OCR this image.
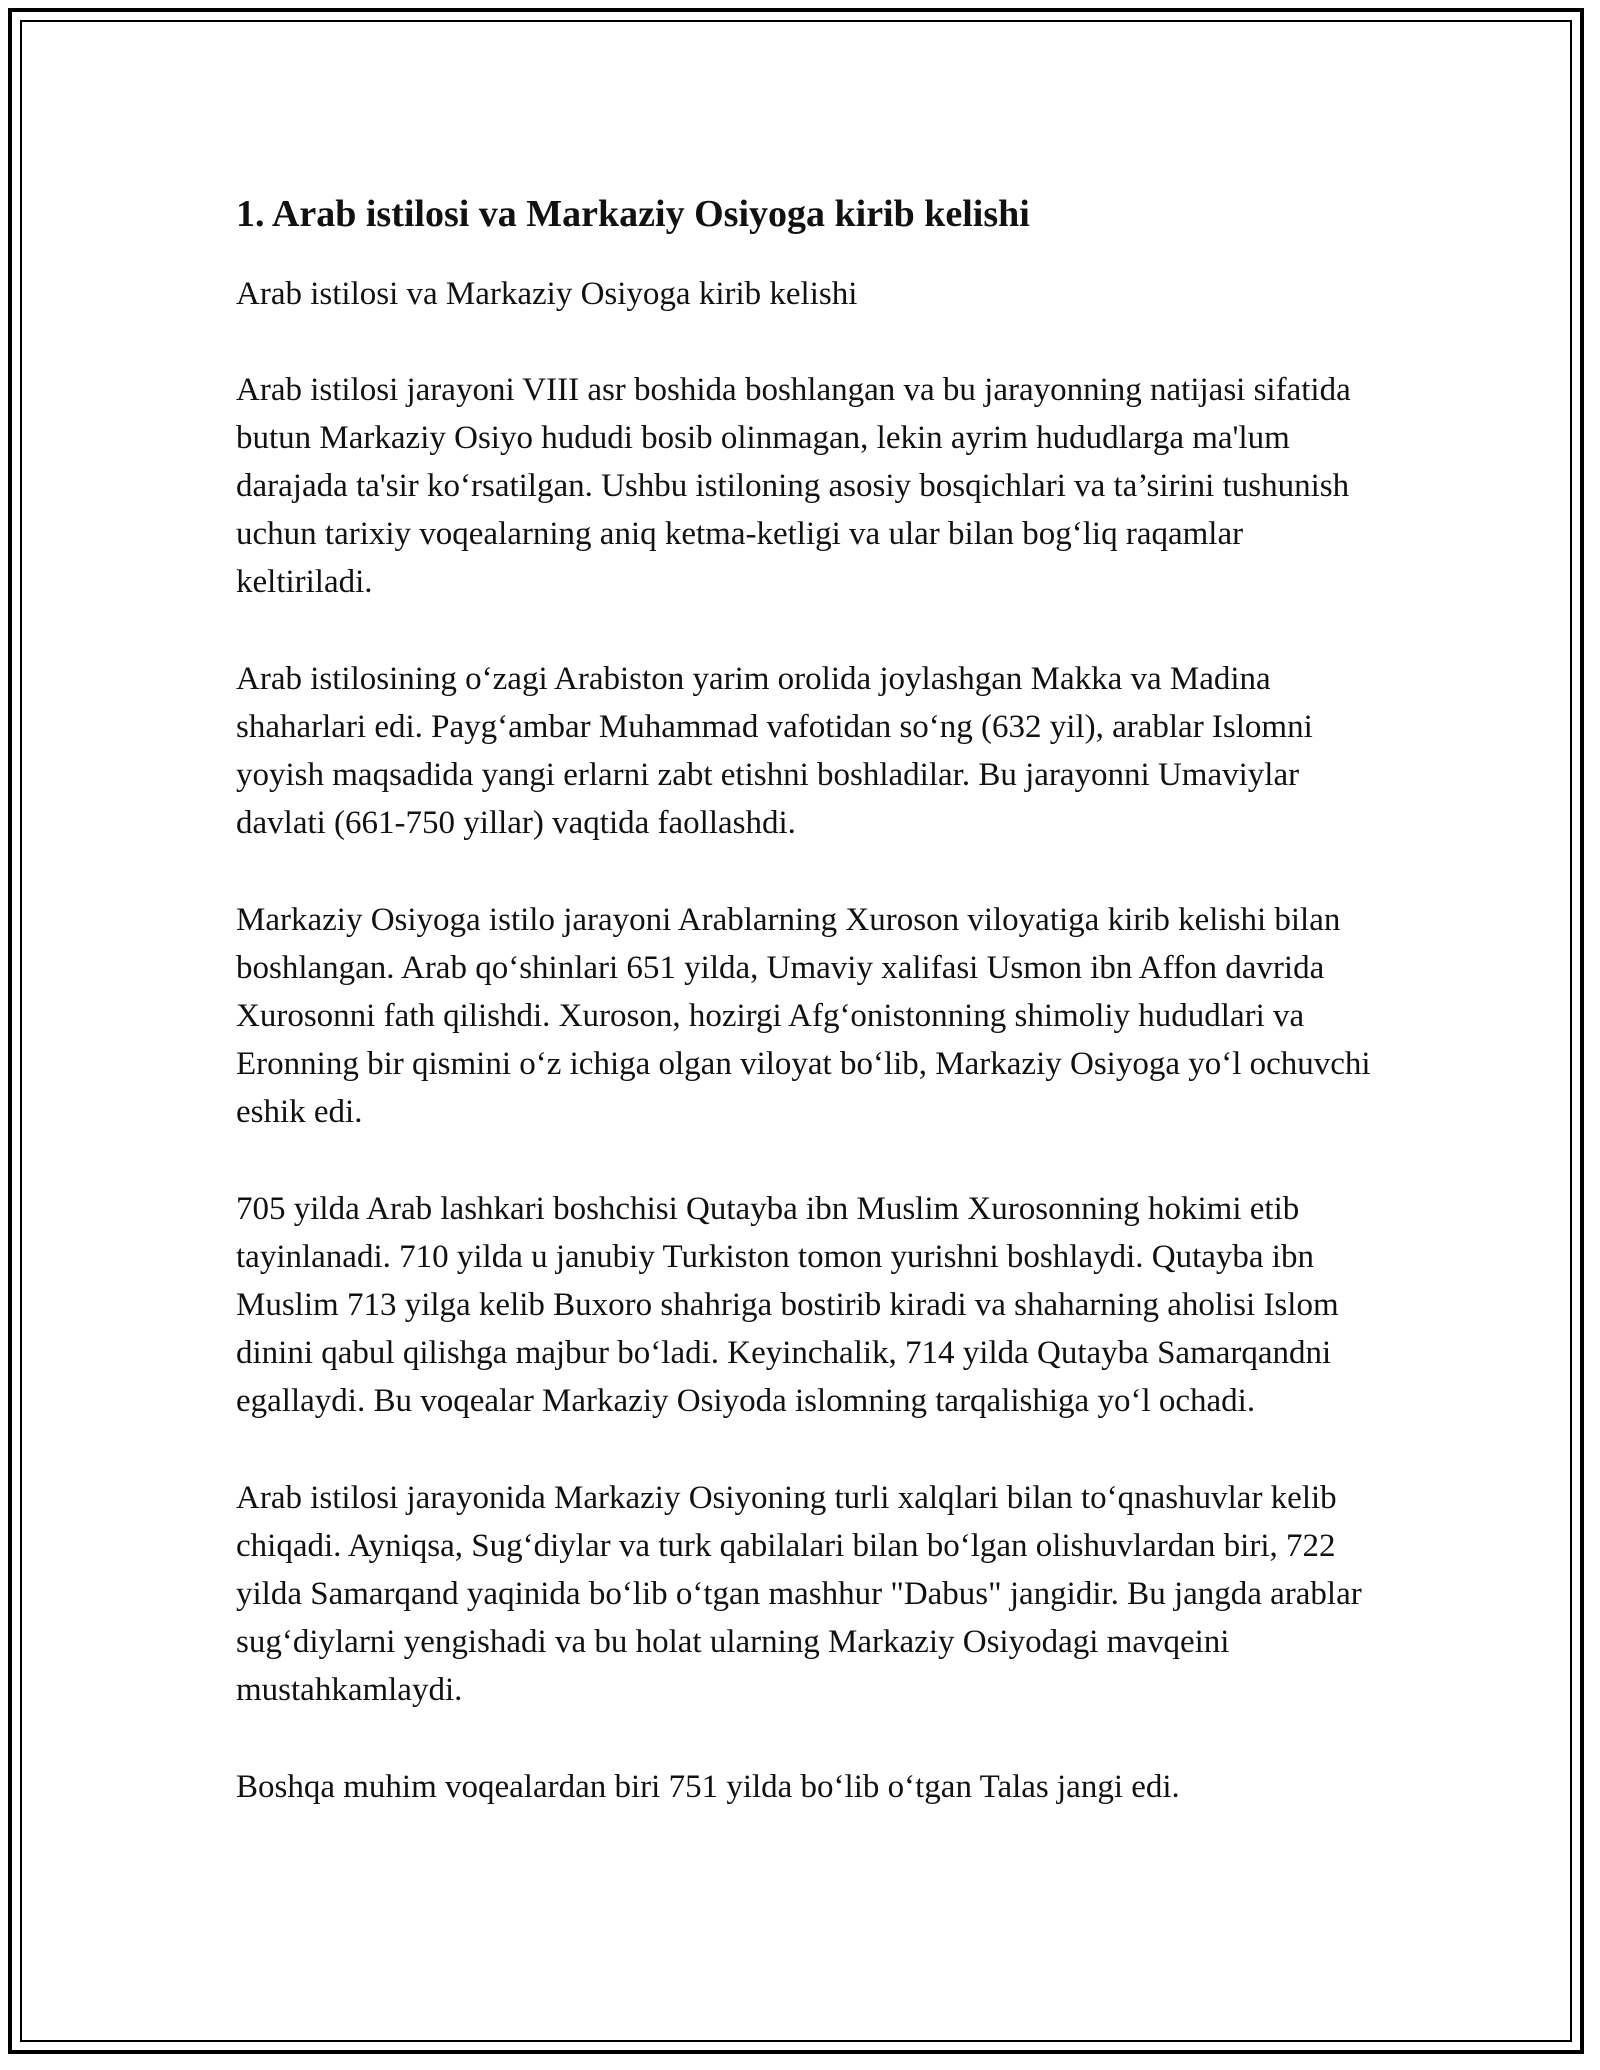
1. Arab istilosi va Markaziy Osiyoga kirib kelishi

Arab istilosi va Markaziy Osiyoga kirib kelishi

Arab istilosi jarayoni VIII asr boshida boshlangan va bu jarayonning natijasi sifatida butun Markaziy Osiyo hududi bosib olinmagan, lekin ayrim hududlarga ma'lum darajada ta'sir ko‘rsatilgan. Ushbu istiloning asosiy bosqichlari va ta’sirini tushunish uchun tarixiy voqealarning aniq ketma-ketligi va ular bilan bog‘liq raqamlar keltiriladi.

Arab istilosining o‘zagi Arabiston yarim orolida joylashgan Makka va Madina shaharlari edi. Payg‘ambar Muhammad vafotidan so‘ng (632 yil), arablar Islomni yoyish maqsadida yangi erlarni zabt etishni boshladilar. Bu jarayonni Umaviylar davlati (661-750 yillar) vaqtida faollashdi.

Markaziy Osiyoga istilo jarayoni Arablarning Xuroson viloyatiga kirib kelishi bilan boshlangan. Arab qo‘shinlari 651 yilda, Umaviy xalifasi Usmon ibn Affon davrida Xurosonni fath qilishdi. Xuroson, hozirgi Afg‘onistonning shimoliy hududlari va Eronning bir qismini o‘z ichiga olgan viloyat bo‘lib, Markaziy Osiyoga yo‘l ochuvchi eshik edi.

705 yilda Arab lashkari boshchisi Qutayba ibn Muslim Xurosonning hokimi etib tayinlanadi. 710 yilda u janubiy Turkiston tomon yurishni boshlaydi. Qutayba ibn Muslim 713 yilga kelib Buxoro shahriga bostirib kiradi va shaharning aholisi Islom dinini qabul qilishga majbur bo‘ladi. Keyinchalik, 714 yilda Qutayba Samarqandni egallaydi. Bu voqealar Markaziy Osiyoda islomning tarqalishiga yo‘l ochadi.

Arab istilosi jarayonida Markaziy Osiyoning turli xalqlari bilan to‘qnashuvlar kelib chiqadi. Ayniqsa, Sug‘diylar va turk qabilalari bilan bo‘lgan olishuvlardan biri, 722 yilda Samarqand yaqinida bo‘lib o‘tgan mashhur "Dabus" jangidir. Bu jangda arablar sug‘diylarni yengishadi va bu holat ularning Markaziy Osiyodagi mavqeini mustahkamlaydi.

Boshqa muhim voqealardan biri 751 yilda bo‘lib o‘tgan Talas jangi edi.
